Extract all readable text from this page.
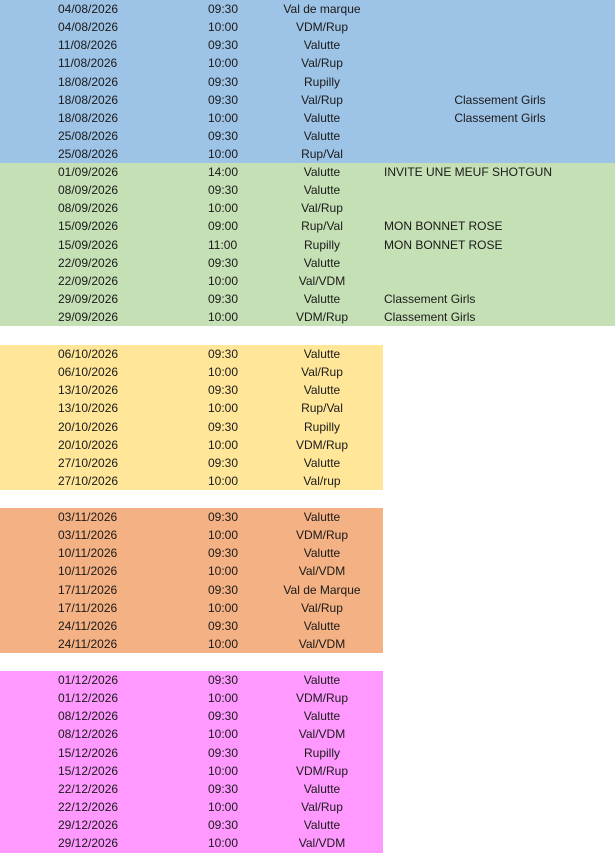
04/08/2026	09:30	Val de marque
04/08/2026	10:00	VDM/Rup
11/08/2026	09:30	Valutte
11/08/2026	10:00	Val/Rup
18/08/2026	09:30	Rupilly
18/08/2026	09:30	Val/Rup	Classement Girls
18/08/2026	10:00	Valutte	Classement Girls
25/08/2026	09:30	Valutte
25/08/2026	10:00	Rup/Val
01/09/2026	14:00	Valutte	INVITE UNE MEUF SHOTGUN
08/09/2026	09:30	Valutte
08/09/2026	10:00	Val/Rup
15/09/2026	09:00	Rup/Val	MON BONNET ROSE
15/09/2026	11:00	Rupilly	MON BONNET ROSE
22/09/2026	09:30	Valutte
22/09/2026	10:00	Val/VDM
29/09/2026	09:30	Valutte	Classement Girls
29/09/2026	10:00	VDM/Rup	Classement Girls
06/10/2026	09:30	Valutte
06/10/2026	10:00	Val/Rup
13/10/2026	09:30	Valutte
13/10/2026	10:00	Rup/Val
20/10/2026	09:30	Rupilly
20/10/2026	10:00	VDM/Rup
27/10/2026	09:30	Valutte
27/10/2026	10:00	Val/rup
03/11/2026	09:30	Valutte
03/11/2026	10:00	VDM/Rup
10/11/2026	09:30	Valutte
10/11/2026	10:00	Val/VDM
17/11/2026	09:30	Val de Marque
17/11/2026	10:00	Val/Rup
24/11/2026	09:30	Valutte
24/11/2026	10:00	Val/VDM
01/12/2026	09:30	Valutte
01/12/2026	10:00	VDM/Rup
08/12/2026	09:30	Valutte
08/12/2026	10:00	Val/VDM
15/12/2026	09:30	Rupilly
15/12/2026	10:00	VDM/Rup
22/12/2026	09:30	Valutte
22/12/2026	10:00	Val/Rup
29/12/2026	09:30	Valutte
29/12/2026	10:00	Val/VDM
